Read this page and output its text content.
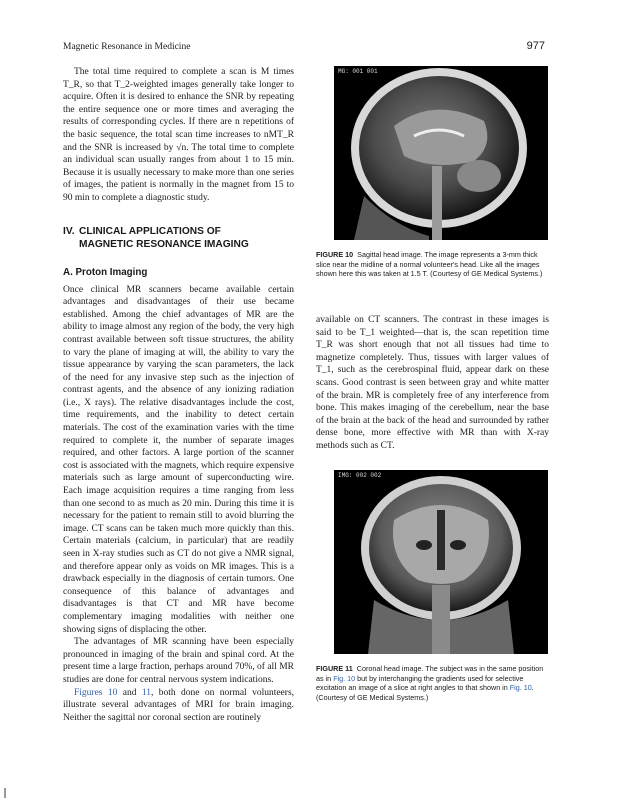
Magnetic Resonance in Medicine	977

The total time required to complete a scan is M times T_R, so that T_2-weighted images generally take longer to acquire. Often it is desired to enhance the SNR by repeating the entire sequence one or more times and averaging the results of corresponding cycles. If there are n repetitions of the basic sequence, the total scan time increases to nMT_R and the SNR is increased by √n. The total time to complete an individual scan usually ranges from about 1 to 15 min. Because it is usually necessary to make more than one series of images, the patient is normally in the magnet from 15 to 90 min to complete a diagnostic study.

IV. CLINICAL APPLICATIONS OF
MAGNETIC RESONANCE IMAGING
A. Proton Imaging

Once clinical MR scanners became available certain advantages and disadvantages of their use became established. Among the chief advantages of MR are the ability to image almost any region of the body, the very high contrast available between soft tissue structures, the ability to vary the plane of imaging at will, the ability to vary the tissue appearance by varying the scan parameters, the lack of the need for any invasive step such as the injection of contrast agents, and the absence of any ionizing radiation (i.e., X rays). The relative disadvantages include the cost, time requirements, and the inability to detect certain materials. The cost of the examination varies with the time required to complete it, the number of separate images required, and other factors. A large portion of the scanner cost is associated with the magnets, which require expensive materials such as large amount of superconducting wire. Each image acquisition requires a time ranging from less than one second to as much as 20 min. During this time it is necessary for the patient to remain still to avoid blurring the image. CT scans can be taken much more quickly than this. Certain materials (calcium, in particular) that are readily seen in X-ray studies such as CT do not give a NMR signal, and therefore appear only as voids on MR images. This is a drawback especially in the diagnosis of certain tumors. One consequence of this balance of advantages and disadvantages is that CT and MR have become complementary imaging modalities with neither one showing signs of displacing the other.

The advantages of MR scanning have been especially pronounced in imaging of the brain and spinal cord. At the present time a large fraction, perhaps around 70%, of all MR studies are done for central nervous system indications.

Figures 10 and 11, both done on normal volunteers, illustrate several advantages of MRI for brain imaging. Neither the sagittal nor coronal section are routinely

MG: 001 001
FIGURE 10 Sagittal head image. The image represents a 3-mm thick slice near the midline of a normal volunteer's head. Like all the images shown here this was taken at 1.5 T. (Courtesy of GE Medical Systems.)

available on CT scanners. The contrast in these images is said to be T_1 weighted—that is, the scan repetition time T_R was short enough that not all tissues had time to magnetize completely. Thus, tissues with larger values of T_1, such as the cerebrospinal fluid, appear dark on these scans. Good contrast is seen between gray and white matter of the brain. MR is completely free of any interference from bone. This makes imaging of the cerebellum, near the base of the brain at the back of the head and surrounded by rather dense bone, more effective with MR than with X-ray methods such as CT.

IMG: 002 002
FIGURE 11 Coronal head image. The subject was in the same position as in Fig. 10 but by interchanging the gradients used for selective excitation an image of a slice at right angles to that shown in Fig. 10. (Courtesy of GE Medical Systems.)
